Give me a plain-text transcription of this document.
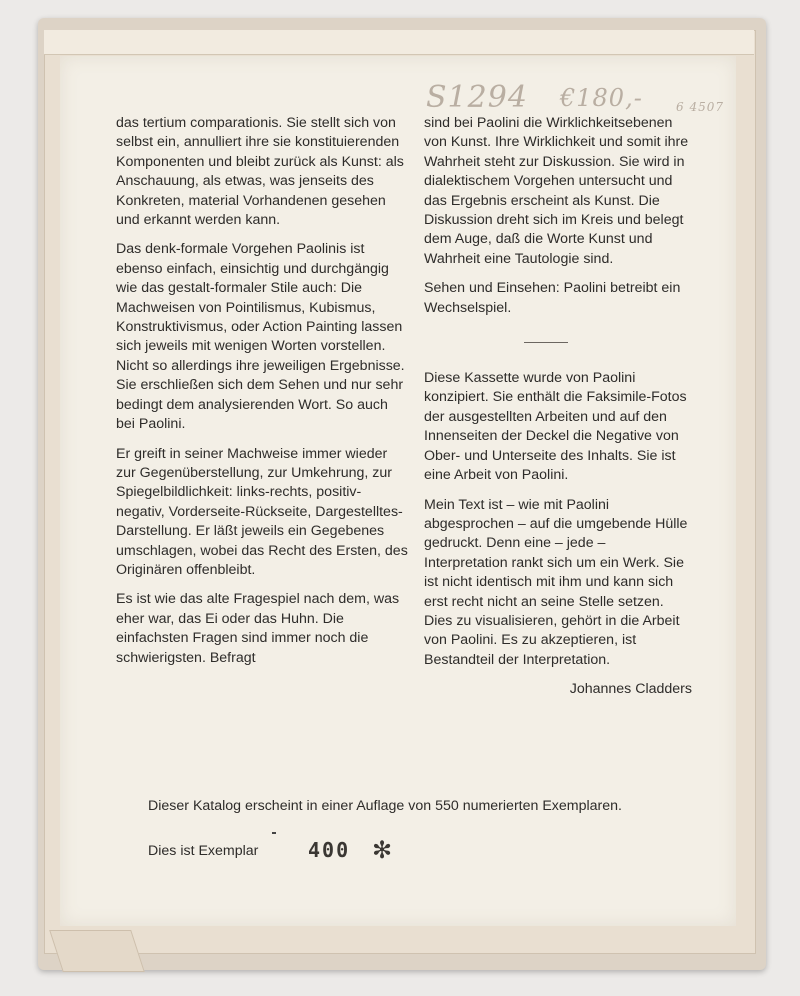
S1294 €180,-	6 4507

das tertium comparationis. Sie stellt sich von selbst ein, annulliert ihre sie konstituierenden Komponenten und bleibt zurück als Kunst: als Anschauung, als etwas, was jenseits des Konkreten, material Vorhandenen gesehen und erkannt werden kann.

Das denk-formale Vorgehen Paolinis ist ebenso einfach, einsichtig und durchgängig wie das gestalt-formaler Stile auch: Die Machweisen von Pointilismus, Kubismus, Konstruktivismus, oder Action Painting lassen sich jeweils mit wenigen Worten vorstellen. Nicht so allerdings ihre jeweiligen Ergebnisse. Sie erschließen sich dem Sehen und nur sehr bedingt dem analysierenden Wort. So auch bei Paolini.

Er greift in seiner Machweise immer wieder zur Gegenüberstellung, zur Umkehrung, zur Spiegelbildlichkeit: links-rechts, positiv-negativ, Vorderseite-Rückseite, Dargestelltes-Darstellung. Er läßt jeweils ein Gegebenes umschlagen, wobei das Recht des Ersten, des Originären offenbleibt.

Es ist wie das alte Fragespiel nach dem, was eher war, das Ei oder das Huhn. Die einfachsten Fragen sind immer noch die schwierigsten. Befragt

sind bei Paolini die Wirklichkeitsebenen von Kunst. Ihre Wirklichkeit und somit ihre Wahrheit steht zur Diskussion. Sie wird in dialektischem Vorgehen untersucht und das Ergebnis erscheint als Kunst. Die Diskussion dreht sich im Kreis und belegt dem Auge, daß die Worte Kunst und Wahrheit eine Tautologie sind.

Sehen und Einsehen: Paolini betreibt ein Wechselspiel.

Diese Kassette wurde von Paolini konzipiert. Sie enthält die Faksimile-Fotos der ausgestellten Arbeiten und auf den Innenseiten der Deckel die Negative von Ober- und Unterseite des Inhalts. Sie ist eine Arbeit von Paolini.

Mein Text ist – wie mit Paolini abgesprochen – auf die umgebende Hülle gedruckt. Denn eine – jede – Interpretation rankt sich um ein Werk. Sie ist nicht identisch mit ihm und kann sich erst recht nicht an seine Stelle setzen. Dies zu visualisieren, gehört in die Arbeit von Paolini. Es zu akzeptieren, ist Bestandteil der Interpretation.

Johannes Cladders

Dieser Katalog erscheint in einer Auflage von 550 numerierten Exemplaren.
Dies ist Exemplar 400 ✻
